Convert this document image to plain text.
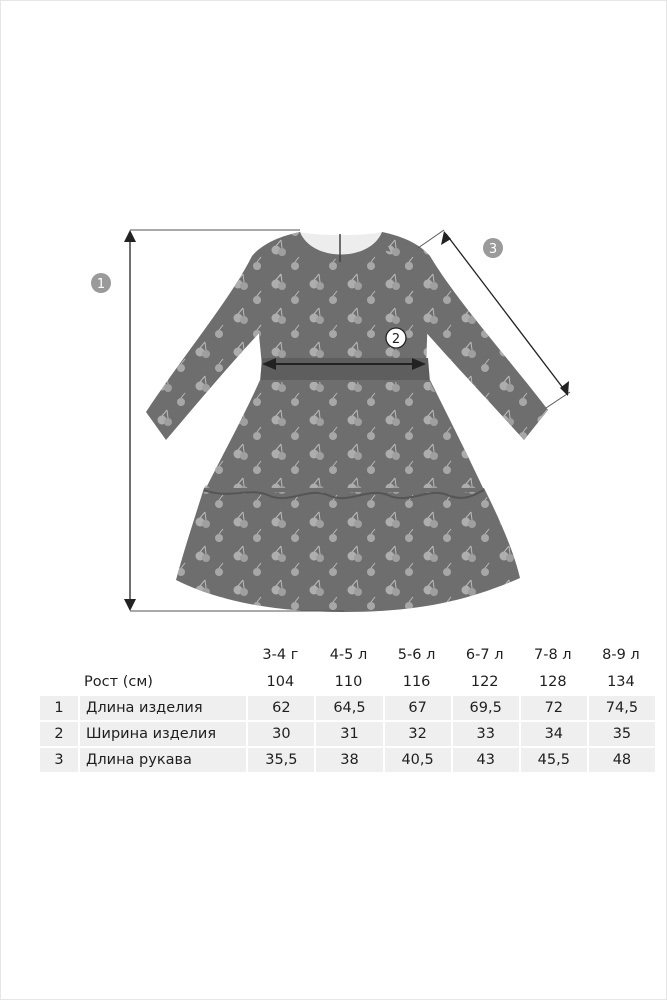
1
2
3
		3-4 г	4-5 л	5-6 л	6-7 л	7-8 л	8-9 л
	Рост (см)	104	110	116	122	128	134
1	Длина изделия	62	64,5	67	69,5	72	74,5
2	Ширина изделия	30	31	32	33	34	35
3	Длина рукава	35,5	38	40,5	43	45,5	48
